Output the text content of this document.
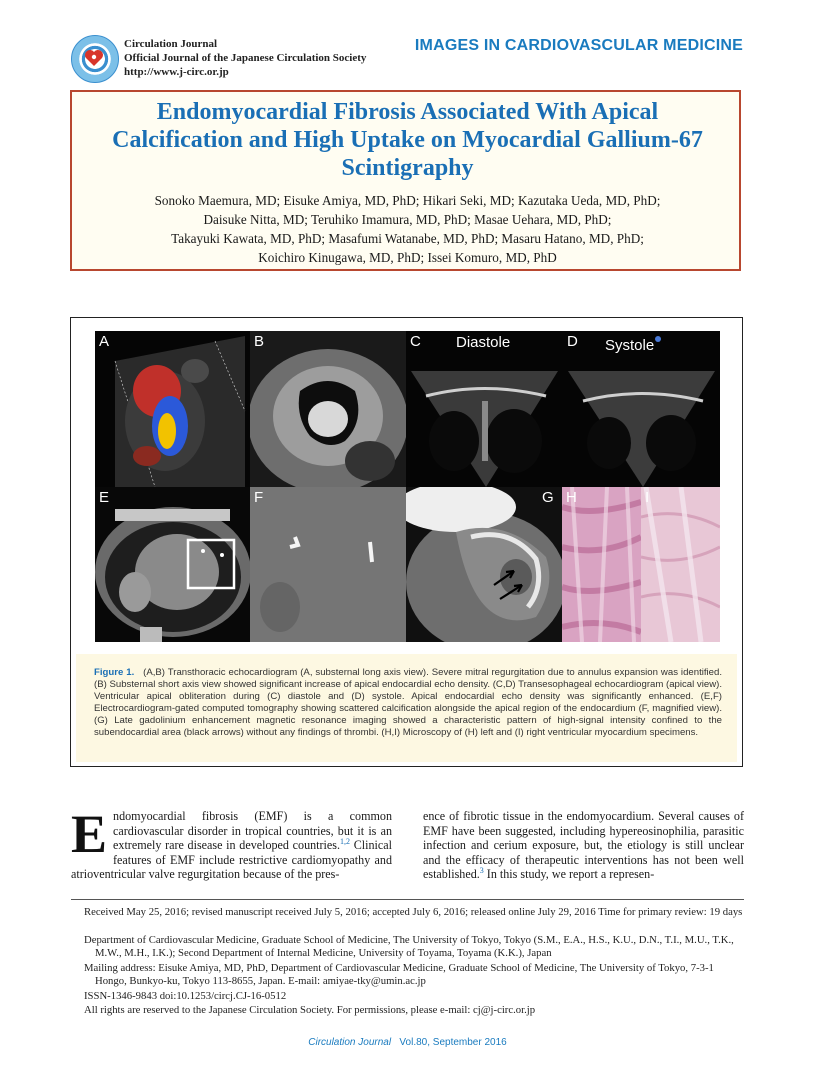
Circulation Journal
Official Journal of the Japanese Circulation Society
http://www.j-circ.or.jp
IMAGES IN CARDIOVASCULAR MEDICINE
Endomyocardial Fibrosis Associated With Apical Calcification and High Uptake on Myocardial Gallium-67 Scintigraphy
Sonoko Maemura, MD; Eisuke Amiya, MD, PhD; Hikari Seki, MD; Kazutaka Ueda, MD, PhD;
Daisuke Nitta, MD; Teruhiko Imamura, MD, PhD; Masae Uehara, MD, PhD;
Takayuki Kawata, MD, PhD; Masafumi Watanabe, MD, PhD; Masaru Hatano, MD, PhD;
Koichiro Kinugawa, MD, PhD; Issei Komuro, MD, PhD
A	B	C Diastole	D Systole
E	F	G H	I
Figure 1. (A,B) Transthoracic echocardiogram (A, substernal long axis view). Severe mitral regurgitation due to annulus expansion was identified. (B) Substernal short axis view showed significant increase of apical endocardial echo density. (C,D) Transesophageal echocardiogram (apical view). Ventricular apical obliteration during (C) diastole and (D) systole. Apical endocardial echo density was significantly enhanced. (E,F) Electrocardiogram-gated computed tomography showing scattered calcification alongside the apical region of the endocardium (F, magnified view). (G) Late gadolinium enhancement magnetic resonance imaging showed a characteristic pattern of high-signal intensity confined to the subendocardial area (black arrows) without any findings of thrombi. (H,I) Microscopy of (H) left and (I) right ventricular myocardium specimens.
Endomyocardial fibrosis (EMF) is a common cardiovascular disorder in tropical countries, but it is an extremely rare disease in developed countries.$^{1,2}$ Clinical features of EMF include restrictive cardiomyopathy and atrioventricular valve regurgitation because of the pres-
ence of fibrotic tissue in the endomyocardium. Several causes of EMF have been suggested, including hypereosinophilia, parasitic infection and cerium exposure, but, the etiology is still unclear and the efficacy of therapeutic interventions has not been well established.$^3$ In this study, we report a represen-
Received May 25, 2016; revised manuscript received July 5, 2016; accepted July 6, 2016; released online July 29, 2016 Time for primary review: 19 days
Department of Cardiovascular Medicine, Graduate School of Medicine, The University of Tokyo, Tokyo (S.M., E.A., H.S., K.U., D.N., T.I., M.U., T.K., M.W., M.H., I.K.); Second Department of Internal Medicine, University of Toyama, Toyama (K.K.), Japan
Mailing address: Eisuke Amiya, MD, PhD, Department of Cardiovascular Medicine, Graduate School of Medicine, The University of Tokyo, 7-3-1 Hongo, Bunkyo-ku, Tokyo 113-8655, Japan. E-mail: amiyae-tky@umin.ac.jp
ISSN-1346-9843 doi:10.1253/circj.CJ-16-0512
All rights are reserved to the Japanese Circulation Society. For permissions, please e-mail: cj@j-circ.or.jp
Circulation Journal Vol.80, September 2016
